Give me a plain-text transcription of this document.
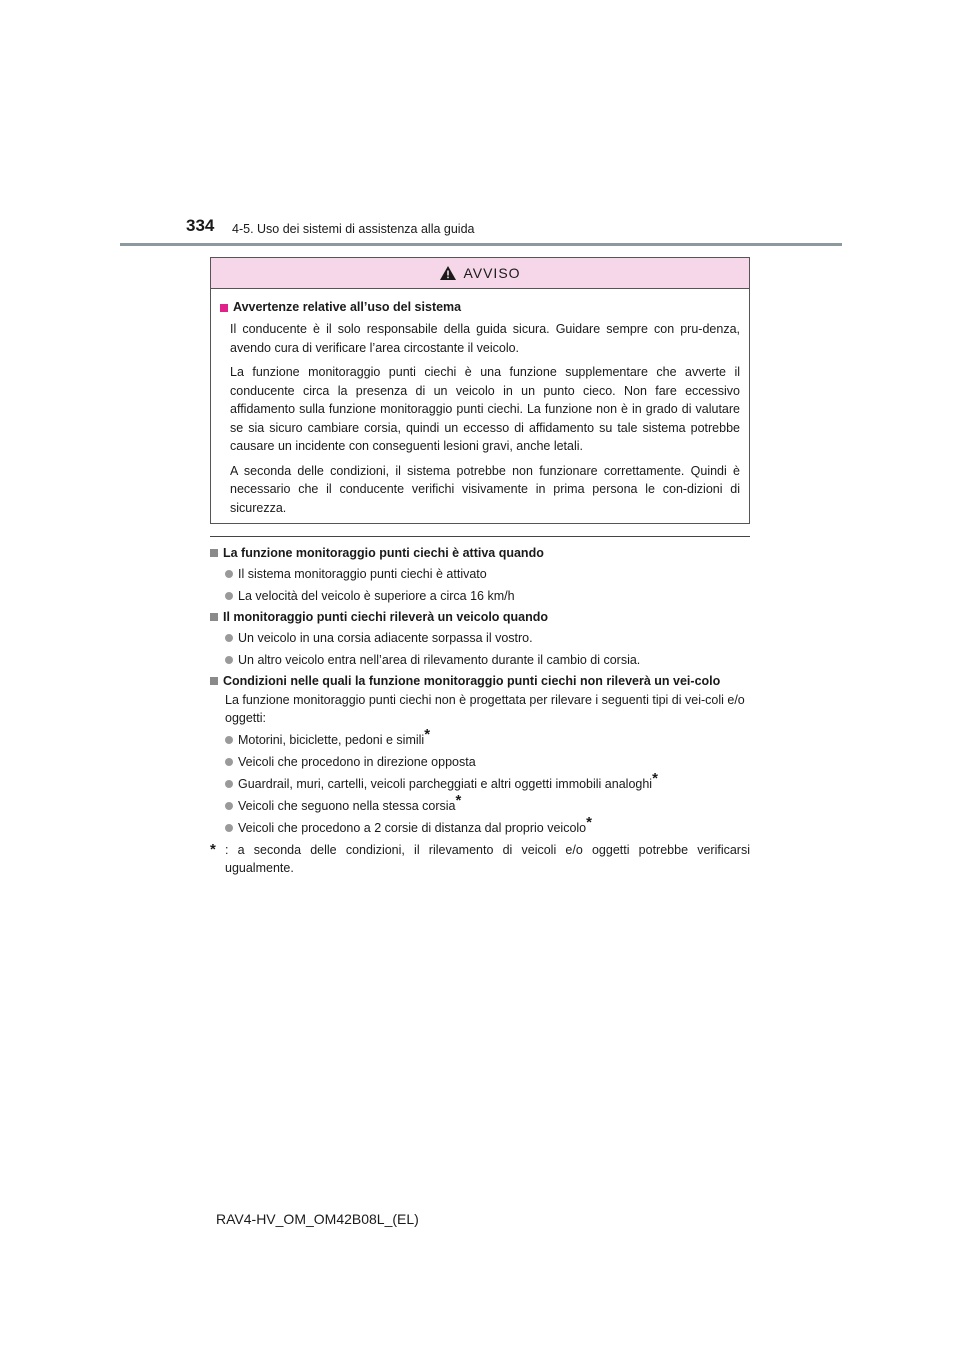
334 4-5. Uso dei sistemi di assistenza alla guida
AVVISO
Avvertenze relative all’uso del sistema
Il conducente è il solo responsabile della guida sicura. Guidare sempre con pru-denza, avendo cura di verificare l’area circostante il veicolo.
La funzione monitoraggio punti ciechi è una funzione supplementare che avverte il conducente circa la presenza di un veicolo in un punto cieco. Non fare eccessivo affidamento sulla funzione monitoraggio punti ciechi. La funzione non è in grado di valutare se sia sicuro cambiare corsia, quindi un eccesso di affidamento su tale sistema potrebbe causare un incidente con conseguenti lesioni gravi, anche letali.
A seconda delle condizioni, il sistema potrebbe non funzionare correttamente. Quindi è necessario che il conducente verifichi visivamente in prima persona le con-dizioni di sicurezza.
La funzione monitoraggio punti ciechi è attiva quando
Il sistema monitoraggio punti ciechi è attivato
La velocità del veicolo è superiore a circa 16 km/h
Il monitoraggio punti ciechi rileverà un veicolo quando
Un veicolo in una corsia adiacente sorpassa il vostro.
Un altro veicolo entra nell’area di rilevamento durante il cambio di corsia.
Condizioni nelle quali la funzione monitoraggio punti ciechi non rileverà un vei-colo
La funzione monitoraggio punti ciechi non è progettata per rilevare i seguenti tipi di vei-coli e/o oggetti:
Motorini, biciclette, pedoni e simili*
Veicoli che procedono in direzione opposta
Guardrail, muri, cartelli, veicoli parcheggiati e altri oggetti immobili analoghi*
Veicoli che seguono nella stessa corsia*
Veicoli che procedono a 2 corsie di distanza dal proprio veicolo*
* : a seconda delle condizioni, il rilevamento di veicoli e/o oggetti potrebbe verificarsi ugualmente.
RAV4-HV_OM_OM42B08L_(EL)
